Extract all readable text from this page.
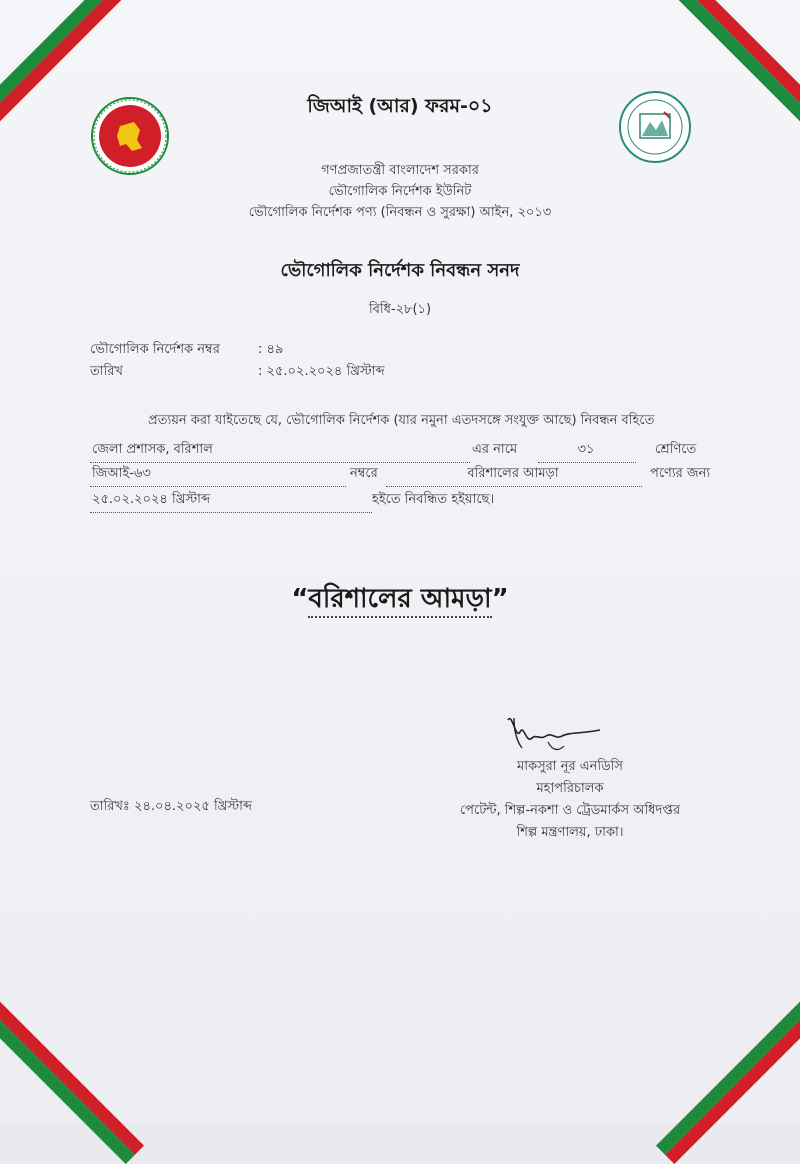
জিআই (আর) ফরম-০১
গণপ্রজাতন্ত্রী বাংলাদেশ সরকার
ভৌগোলিক নির্দেশক ইউনিট
ভৌগোলিক নির্দেশক পণ্য (নিবন্ধন ও সুরক্ষা) আইন, ২০১৩
ভৌগোলিক নির্দেশক নিবন্ধন সনদ
বিধি-২৮(১)
ভৌগোলিক নির্দেশক নম্বর	: ৪৯
তারিখ	: ২৫.০২.২০২৪ খ্রিস্টাব্দ
প্রত্যয়ন করা যাইতেছে যে, ভৌগোলিক নির্দেশক (যার নমুনা এতদসঙ্গে সংযুক্ত আছে) নিবন্ধন বহিতে
জেলা প্রশাসক, বরিশাল	এর নামে	৩১	শ্রেণিতে
জিআই-৬৩	নম্বরে	বরিশালের আমড়া	পণ্যের জন্য
২৫.০২.২০২৪ খ্রিস্টাব্দ	হইতে নিবন্ধিত হইয়াছে।
“বরিশালের আমড়া”
মাকসুরা নূর এনডিসি
মহাপরিচালক
পেটেন্ট, শিল্প-নকশা ও ট্রেডমার্কস অধিদপ্তর
শিল্প মন্ত্রণালয়, ঢাকা।
তারিখঃ ২৪.০৪.২০২৫ খ্রিস্টাব্দ
